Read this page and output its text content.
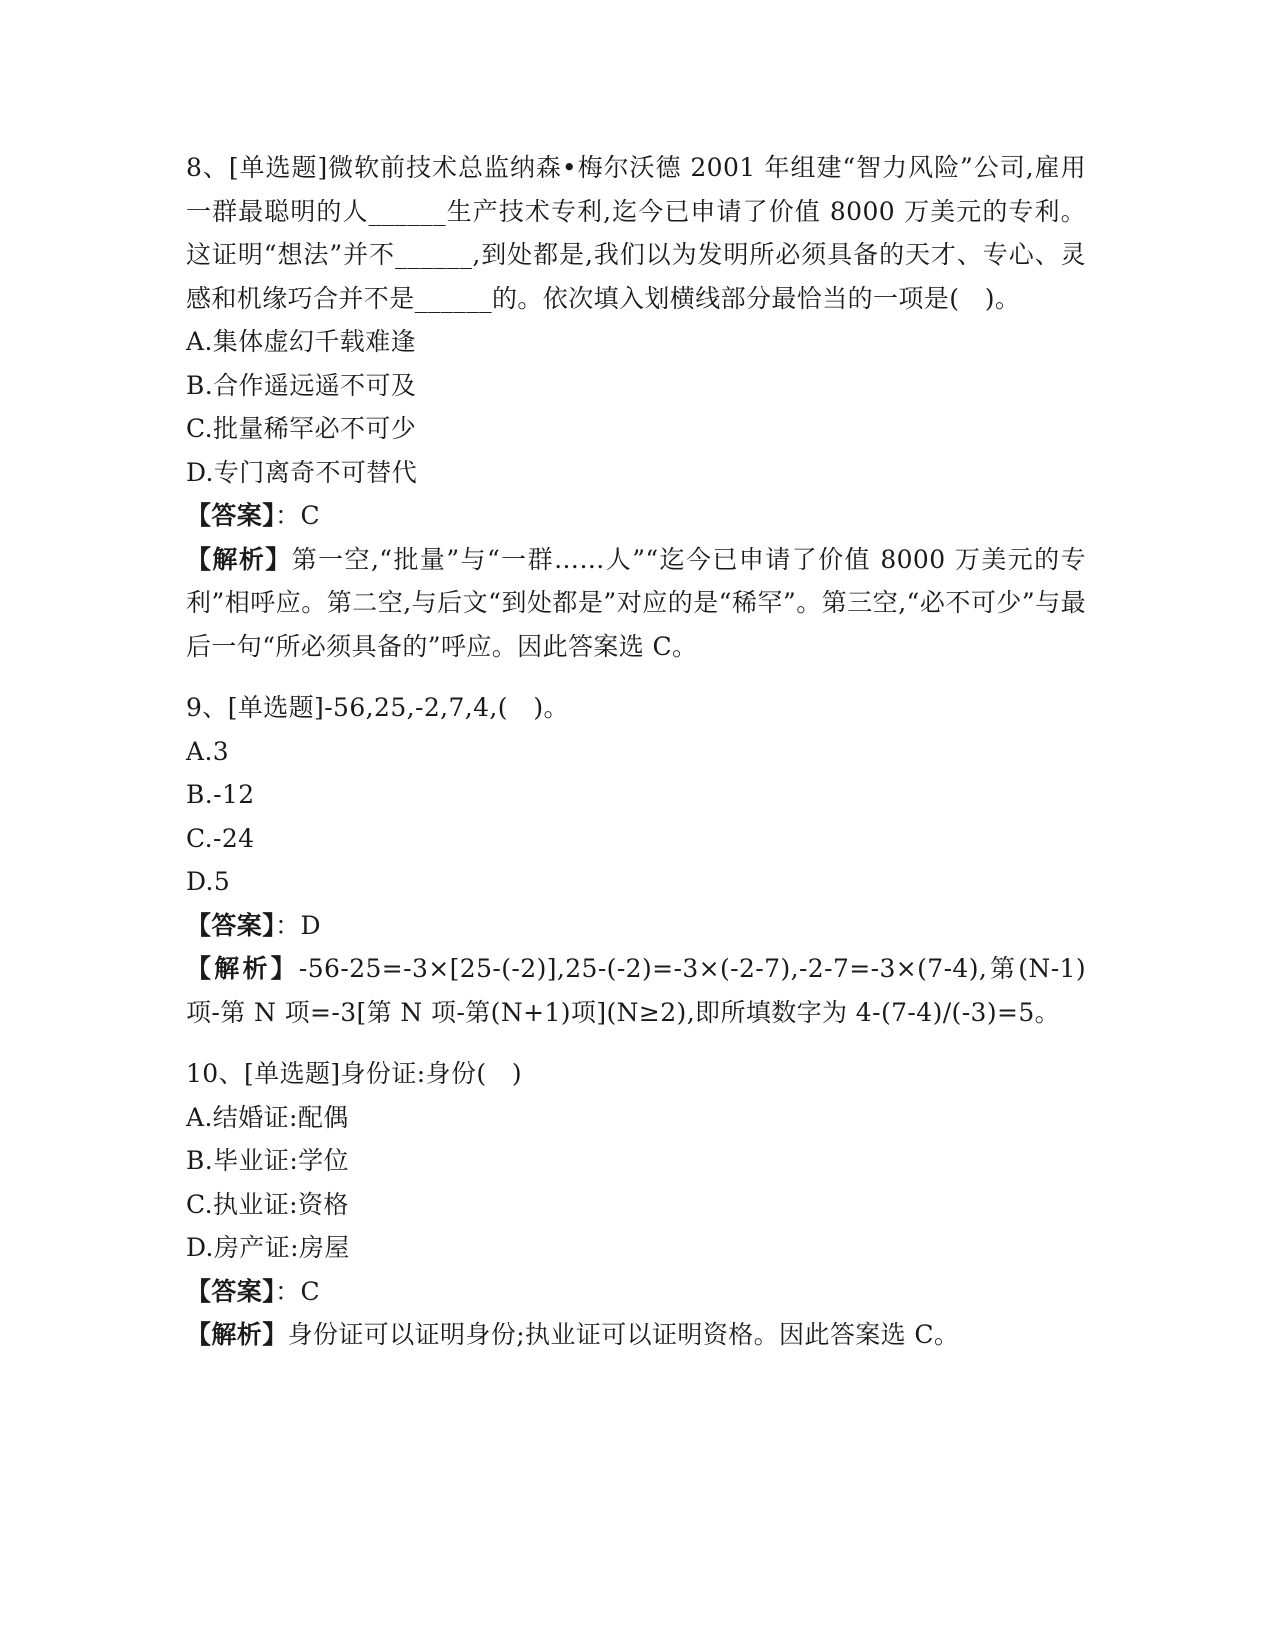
8、[单选题]微软前技术总监纳森•梅尔沃德 2001 年组建“智力风险”公司,雇用一群最聪明的人______生产技术专利,迄今已申请了价值 8000 万美元的专利。这证明“想法”并不______,到处都是,我们以为发明所必须具备的天才、专心、灵感和机缘巧合并不是______的。依次填入划横线部分最恰当的一项是(　)。
A.集体虚幻千载难逢
B.合作遥远遥不可及
C.批量稀罕必不可少
D.专门离奇不可替代
【答案】：C
【解析】第一空,“批量”与“一群……人”“迄今已申请了价值 8000 万美元的专利”相呼应。第二空,与后文“到处都是”对应的是“稀罕”。第三空,“必不可少”与最后一句“所必须具备的”呼应。因此答案选 C。
9、[单选题]-56,25,-2,7,4,(　)。
A.3
B.-12
C.-24
D.5
【答案】：D
【解析】-56-25=-3×[25-(-2)],25-(-2)=-3×(-2-7),-2-7=-3×(7-4),第(N-1)项-第 N 项=-3[第 N 项-第(N+1)项](N≥2),即所填数字为 4-(7-4)/(-3)=5。
10、[单选题]身份证:身份(　)
A.结婚证:配偶
B.毕业证:学位
C.执业证:资格
D.房产证:房屋
【答案】：C
【解析】身份证可以证明身份;执业证可以证明资格。因此答案选 C。
